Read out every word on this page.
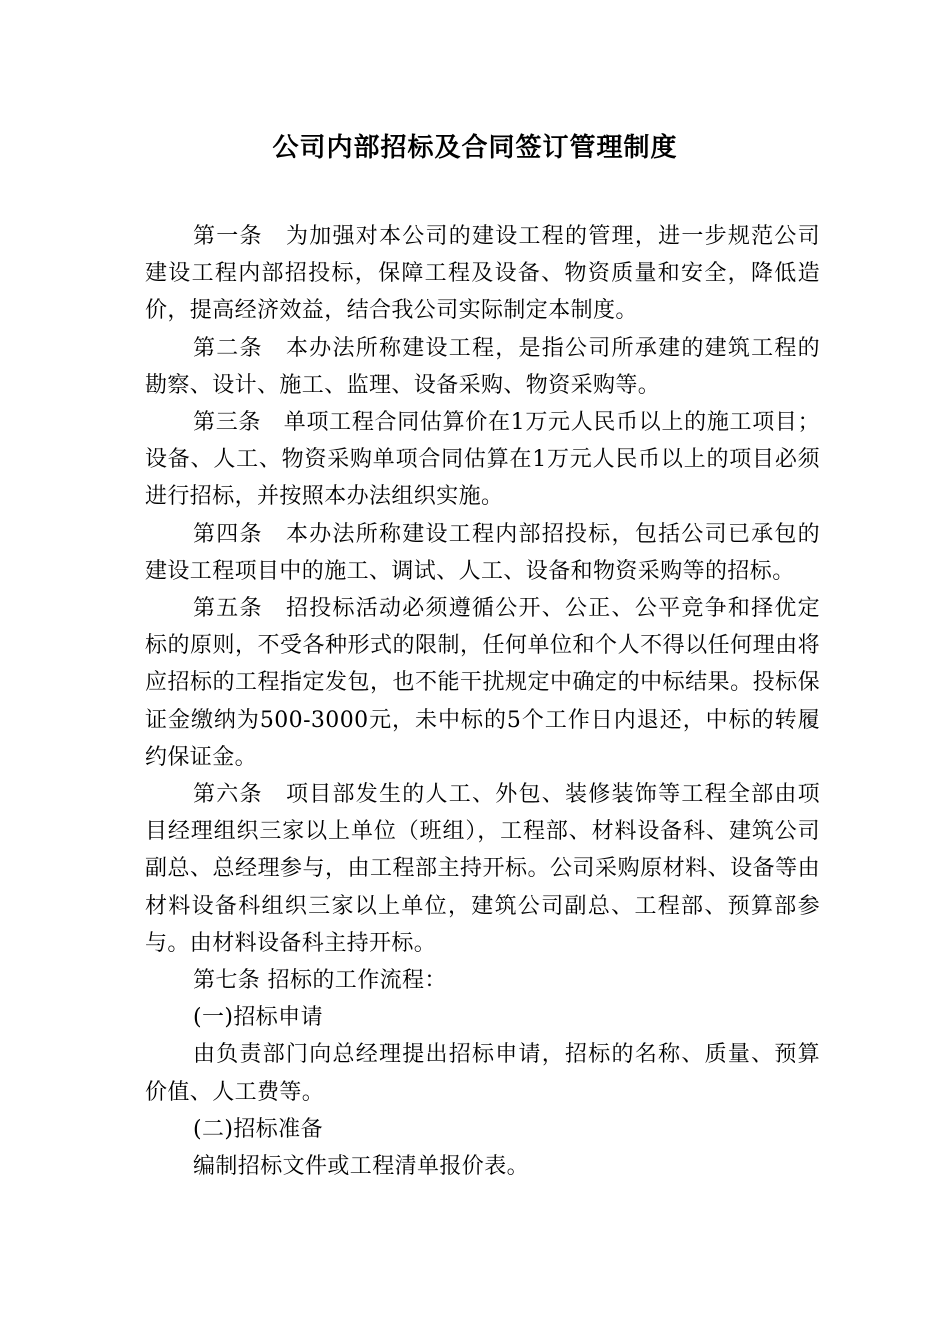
公司内部招标及合同签订管理制度

第一条　为加强对本公司的建设工程的管理，进一步规范公司建设工程内部招投标，保障工程及设备、物资质量和安全，降低造价，提高经济效益，结合我公司实际制定本制度。

第二条　本办法所称建设工程，是指公司所承建的建筑工程的勘察、设计、施工、监理、设备采购、物资采购等。

第三条　单项工程合同估算价在1万元人民币以上的施工项目；设备、人工、物资采购单项合同估算在1万元人民币以上的项目必须进行招标，并按照本办法组织实施。

第四条　本办法所称建设工程内部招投标，包括公司已承包的建设工程项目中的施工、调试、人工、设备和物资采购等的招标。

第五条　招投标活动必须遵循公开、公正、公平竞争和择优定标的原则，不受各种形式的限制，任何单位和个人不得以任何理由将应招标的工程指定发包，也不能干扰规定中确定的中标结果。投标保证金缴纳为500-3000元，未中标的5个工作日内退还，中标的转履约保证金。

第六条　项目部发生的人工、外包、装修装饰等工程全部由项目经理组织三家以上单位（班组），工程部、材料设备科、建筑公司副总、总经理参与，由工程部主持开标。公司采购原材料、设备等由材料设备科组织三家以上单位，建筑公司副总、工程部、预算部参与。由材料设备科主持开标。

第七条 招标的工作流程：

(一)招标申请

由负责部门向总经理提出招标申请，招标的名称、质量、预算价值、人工费等。

(二)招标准备

编制招标文件或工程清单报价表。
